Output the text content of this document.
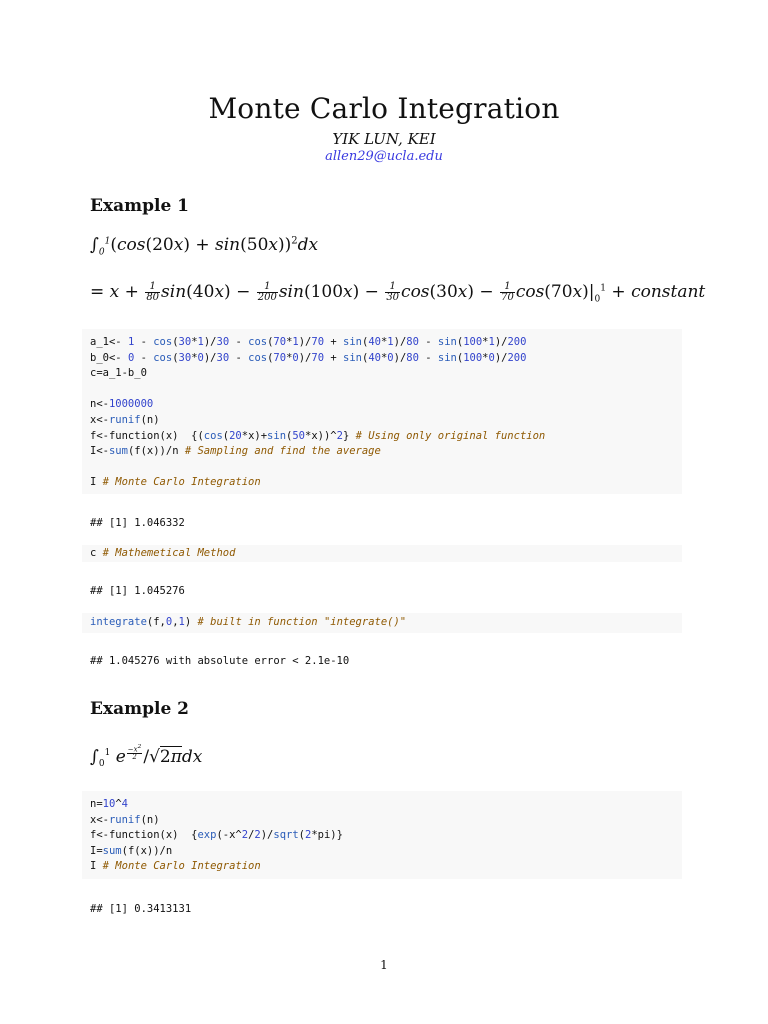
Monte Carlo Integration
YIK LUN, KEI
allen29@ucla.edu
Example 1
$\int_0^1(\cos(20x) + \sin(50x))^2dx$
= $x + \frac{1}{80} \sin(40x) - \frac{1}{200} \sin(100x) - \frac{1}{30} \cos(30x) - \frac{1}{70} \cos(70x)|_0^1$ + constant
a_1<- 1 - cos(30*1)/30 - cos(70*1)/70 + sin(40*1)/80 - sin(100*1)/200
b_0<- 0 - cos(30*0)/30 - cos(70*0)/70 + sin(40*0)/80 - sin(100*0)/200
c=a_1-b_0

n<-1000000
x<-runif(n)
f<-function(x)  {(cos(20*x)+sin(50*x))^2} # Using only original function
I<-sum(f(x))/n # Sampling and find the average

I # Monte Carlo Integration
## [1] 1.046332
c # Mathemetical Method
## [1] 1.045276
integrate(f,0,1) # built in function "integrate()"
## 1.045276 with absolute error < 2.1e-10
Example 2
$\int_0^1$ e $^{\frac{-x^2}{2}}$ /√2πdx
n=10^4
x<-runif(n)
f<-function(x)  {exp(-x^2/2)/sqrt(2*pi)}
I=sum(f(x))/n
I # Monte Carlo Integration
## [1] 0.3413131
1
